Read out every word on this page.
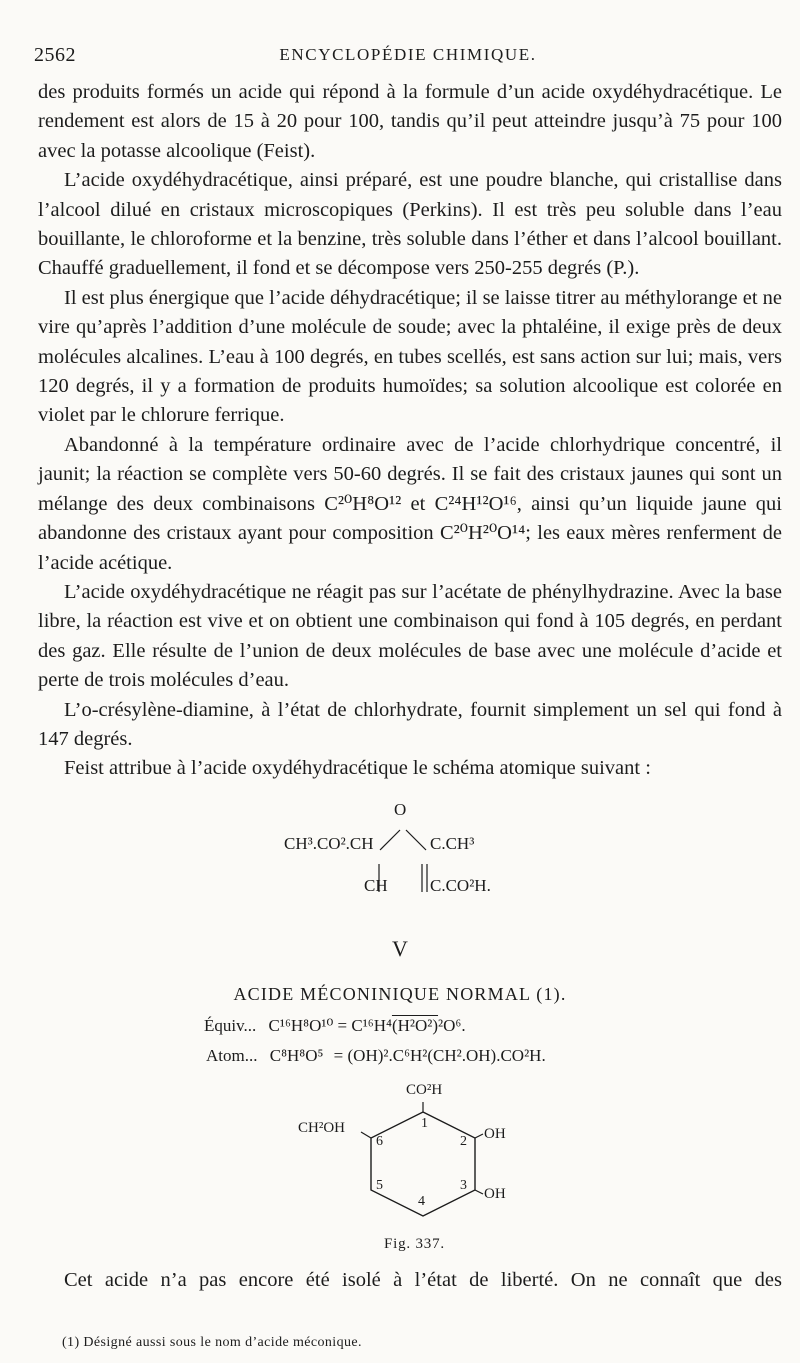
2562	ENCYCLOPÉDIE CHIMIQUE.

des produits formés un acide qui répond à la formule d’un acide oxydéhydracétique. Le rendement est alors de 15 à 20 pour 100, tandis qu’il peut atteindre jusqu’à 75 pour 100 avec la potasse alcoolique (Feist).

L’acide oxydéhydracétique, ainsi préparé, est une poudre blanche, qui cristallise dans l’alcool dilué en cristaux microscopiques (Perkins). Il est très peu soluble dans l’eau bouillante, le chloroforme et la benzine, très soluble dans l’éther et dans l’alcool bouillant. Chauffé graduellement, il fond et se décompose vers 250-255 degrés (P.).

Il est plus énergique que l’acide déhydracétique; il se laisse titrer au méthylorange et ne vire qu’après l’addition d’une molécule de soude; avec la phtaléine, il exige près de deux molécules alcalines. L’eau à 100 degrés, en tubes scellés, est sans action sur lui; mais, vers 120 degrés, il y a formation de produits humoïdes; sa solution alcoolique est colorée en violet par le chlorure ferrique.

Abandonné à la température ordinaire avec de l’acide chlorhydrique concentré, il jaunit; la réaction se complète vers 50-60 degrés. Il se fait des cristaux jaunes qui sont un mélange des deux combinaisons C²⁰H⁸O¹² et C²⁴H¹²O¹⁶, ainsi qu’un liquide jaune qui abandonne des cristaux ayant pour composition C²⁰H²⁰O¹⁴; les eaux mères renferment de l’acide acétique.

L’acide oxydéhydracétique ne réagit pas sur l’acétate de phénylhydrazine. Avec la base libre, la réaction est vive et on obtient une combinaison qui fond à 105 degrés, en perdant des gaz. Elle résulte de l’union de deux molécules de base avec une molécule d’acide et perte de trois molécules d’eau.

L’o-crésylène-diamine, à l’état de chlorhydrate, fournit simplement un sel qui fond à 147 degrés.

Feist attribue à l’acide oxydéhydracétique le schéma atomique suivant :

O
CH³.CO².CH	C.CH³
CH C.CO²H.
V
ACIDE MÉCONINIQUE NORMAL (1).
Équiv... C¹⁶H⁸O¹⁰ = C¹⁶H⁴(H²O²)²O⁶.
Atom... C⁸H⁸O⁵ = (OH)².C⁶H²(CH².OH).CO²H.
CO²H
CH²OH	OH
OH
1
2
3
4
5
6
Fig. 337.
Cet acide n’a pas encore été isolé à l’état de liberté. On ne connaît que des
(1) Désigné aussi sous le nom d’acide méconique.
